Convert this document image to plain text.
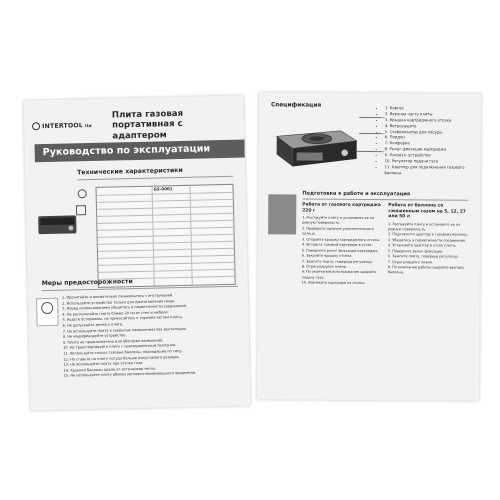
INTERTOOL ltd
Плита газовая портативная с адаптером
Руководство по эксплуатации
Технические характеристики
GS-0001
Меры предосторожности
1. Прочитайте и внимательно ознакомьтесь с инструкцией.
2. Используйте устройство только для приготовления пищи.
3. Перед использованием убедитесь в герметичности соединений.
4. Не располагайте плиту ближе 20 см от стен и мебели.
5. Будьте осторожны, не прикасайтесь к горячим частям плиты.
6. Не допускайте детей к плите.
7. Не используйте плиту в закрытых помещениях без вентиляции.
8. Не модифицируйте устройство.
9. Плита не предназначена для обогрева помещений.
10. Не транспортируйте плиту с присоединенным баллоном.
11. Используйте только газовые баллоны, подходящие по типу.
12. Не ставьте на плиту посуду больше допустимого размера.
13. Не используйте плиту при утечке газа.
14. Храните баллоны вдали от источников тепла.
15. Не используйте плиту вблизи легковоспламеняющихся предметов.
Спецификация
•	1. Корпус
• 2. Верхняя часть плиты
• 3. Крышка картриджного отсека
• 4. Ветрозащита
• 5. Стабилизатор для посуды
• 6. Поддон
• 7. Конфорка
• 8. Рычаг фиксации картриджа
• 9. Пьезоэл. устройство
• 10. Регулятор подачи газа
• 11. Адаптер для подключения газового баллона
Подготовка к работе и эксплуатация
Работа от газового картриджа 220 г
1. Распакуйте плиту и установите ее на ровную поверхность.
2. Проверьте наличие уплотнительного кольца.
3. Откройте крышку картриджного отсека.
4. Вставьте газовый картридж в отсек.
5. Поверните рычаг фиксации картриджа.
6. Закройте крышку отсека.
7. Зажгите плиту, повернув регулятор.
8. Отрегулируйте пламя.
9. По окончании использования закройте подачу газа.
10. Извлеките картридж из отсека.
Работа от баллона со сжиженным газом на 5, 12, 27 или 50 л
1. Распакуйте плиту и установите ее на ровную поверхность.
2. Подключите адаптер к газовому баллону.
3. Убедитесь в герметичности соединения.
4. Установите адаптер в отсек плиты.
5. Поверните рычаг фиксации.
6. Зажгите плиту, повернув регулятор.
7. Отрегулируйте пламя.
8. По окончании работы закройте вентиль баллона.
